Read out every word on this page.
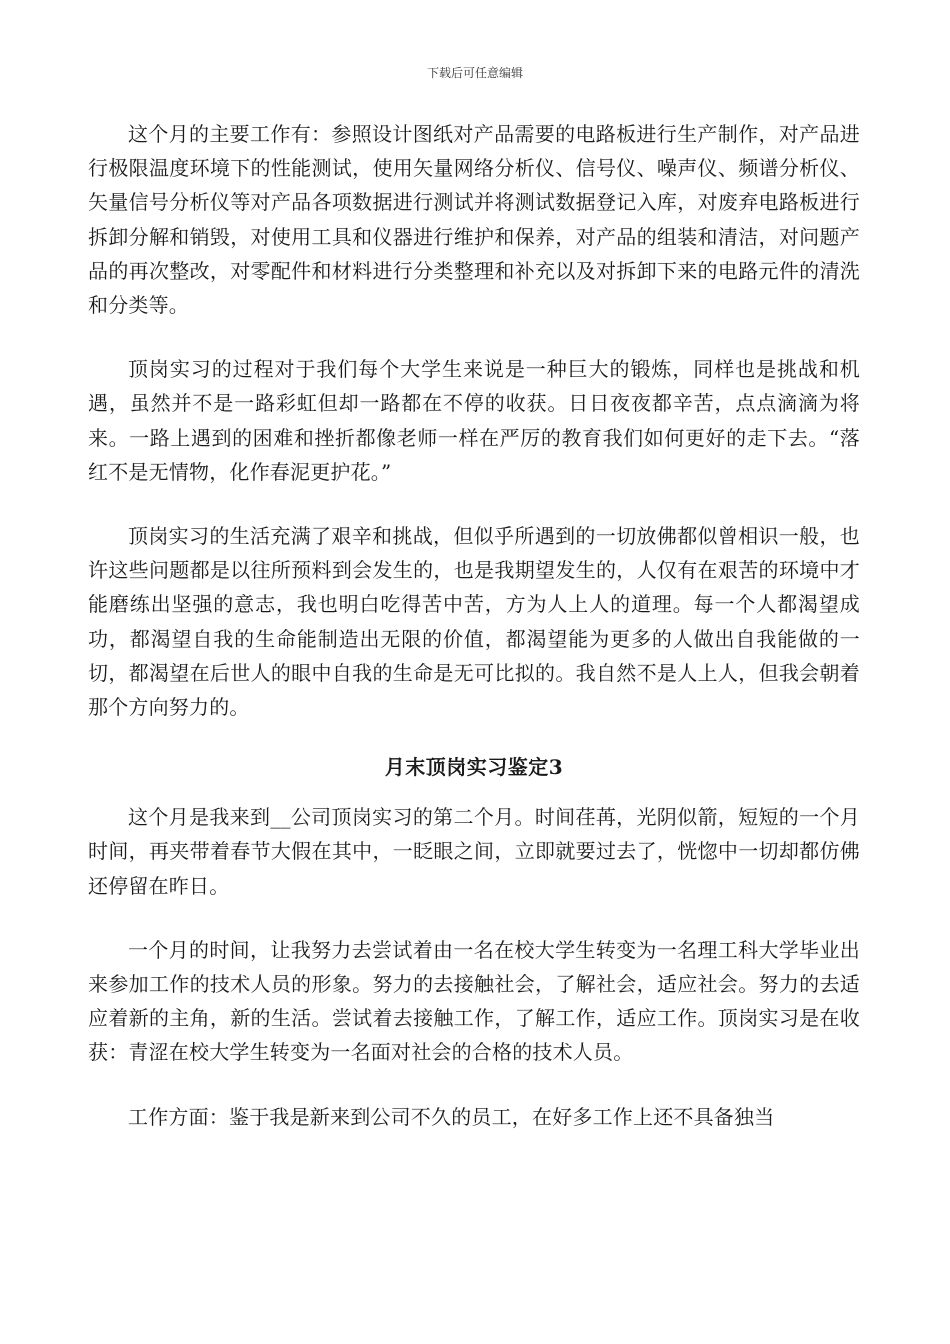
下载后可任意编辑

这个月的主要工作有：参照设计图纸对产品需要的电路板进行生产制作，对产品进行极限温度环境下的性能测试，使用矢量网络分析仪、信号仪、噪声仪、频谱分析仪、矢量信号分析仪等对产品各项数据进行测试并将测试数据登记入库，对废弃电路板进行拆卸分解和销毁，对使用工具和仪器进行维护和保养，对产品的组装和清洁，对问题产品的再次整改，对零配件和材料进行分类整理和补充以及对拆卸下来的电路元件的清洗和分类等。

顶岗实习的过程对于我们每个大学生来说是一种巨大的锻炼，同样也是挑战和机遇，虽然并不是一路彩虹但却一路都在不停的收获。日日夜夜都辛苦，点点滴滴为将来。一路上遇到的困难和挫折都像老师一样在严厉的教育我们如何更好的走下去。“落红不是无情物，化作春泥更护花。”

顶岗实习的生活充满了艰辛和挑战，但似乎所遇到的一切放佛都似曾相识一般，也许这些问题都是以往所预料到会发生的，也是我期望发生的，人仅有在艰苦的环境中才能磨练出坚强的意志，我也明白吃得苦中苦，方为人上人的道理。每一个人都渴望成功，都渴望自我的生命能制造出无限的价值，都渴望能为更多的人做出自我能做的一切，都渴望在后世人的眼中自我的生命是无可比拟的。我自然不是人上人，但我会朝着那个方向努力的。

月末顶岗实习鉴定3

这个月是我来到__公司顶岗实习的第二个月。时间荏苒，光阴似箭，短短的一个月时间，再夹带着春节大假在其中，一眨眼之间，立即就要过去了，恍惚中一切却都仿佛还停留在昨日。

一个月的时间，让我努力去尝试着由一名在校大学生转变为一名理工科大学毕业出来参加工作的技术人员的形象。努力的去接触社会，了解社会，适应社会。努力的去适应着新的主角，新的生活。尝试着去接触工作，了解工作，适应工作。顶岗实习是在收获：青涩在校大学生转变为一名面对社会的合格的技术人员。

工作方面：鉴于我是新来到公司不久的员工，在好多工作上还不具备独当
